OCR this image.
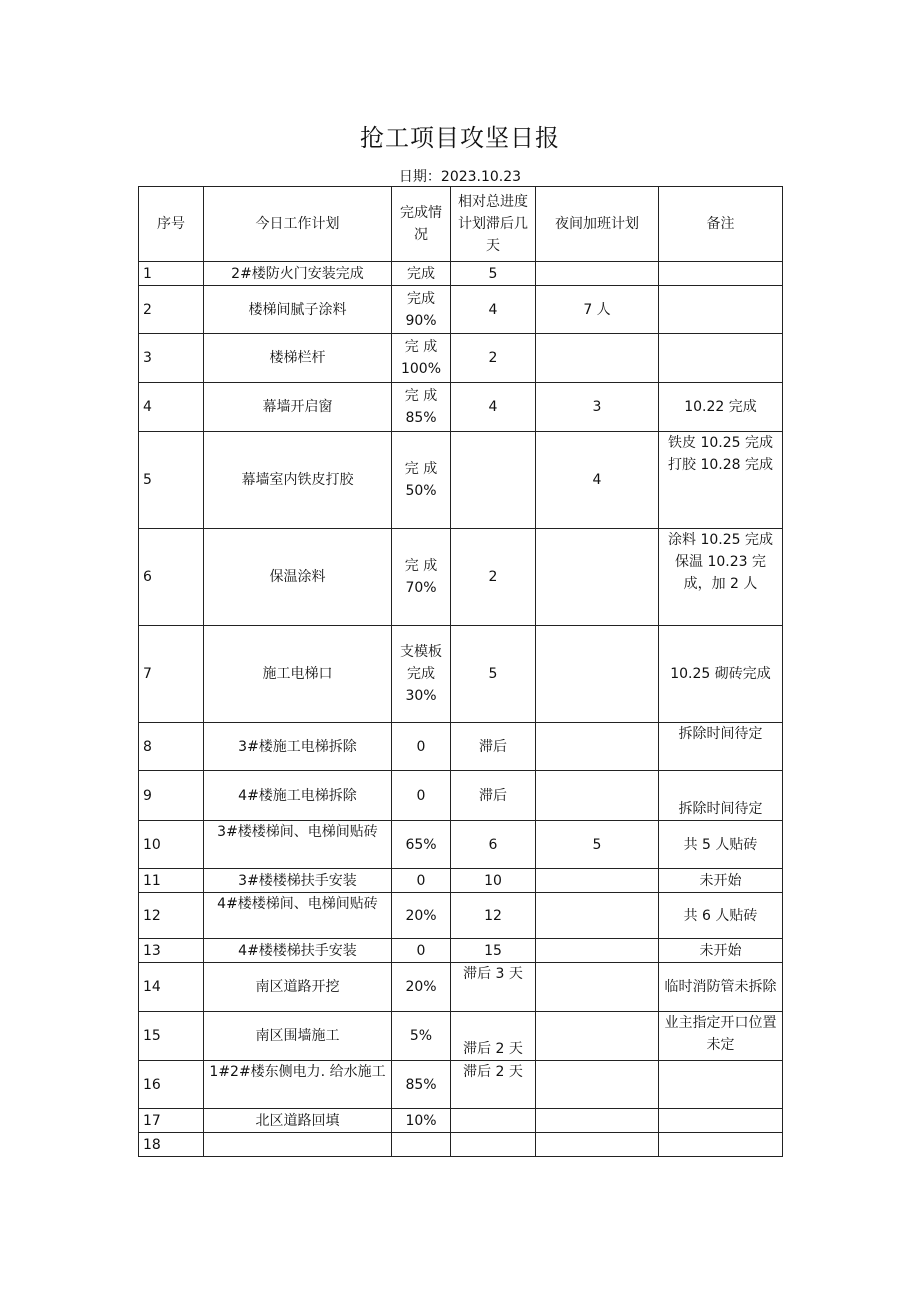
抢工项目攻坚日报
日期：2023.10.23
序号	今日工作计划	完成情况	相对总进度计划滞后几天	夜间加班计划	备注
1	2#楼防火门安装完成	完成	5		
2	楼梯间腻子涂料	完成 90%	4	7 人	
3	楼梯栏杆	完 成 100%	2		
4	幕墙开启窗	完 成 85%	4	3	10.22 完成
5	幕墙室内铁皮打胶	完 成 50%		4	铁皮 10.25 完成 打胶 10.28 完成
6	保温涂料	完 成 70%	2		涂料 10.25 完成 保温 10.23 完成，加 2 人
7	施工电梯口	支模板 完成 30%	5		10.25 砌砖完成
8	3#楼施工电梯拆除	0	滞后		拆除时间待定
9	4#楼施工电梯拆除	0	滞后		拆除时间待定
10	3#楼楼梯间、电梯间贴砖	65%	6	5	共 5 人贴砖
11	3#楼楼梯扶手安装	0	10		未开始
12	4#楼楼梯间、电梯间贴砖	20%	12		共 6 人贴砖
13	4#楼楼梯扶手安装	0	15		未开始
14	南区道路开挖	20%	滞后 3 天		临时消防管未拆除
15	南区围墙施工	5%	滞后 2 天		业主指定开口位置未定
16	1#2#楼东侧电力. 给水施工	85%	滞后 2 天		
17	北区道路回填	10%			
18					
